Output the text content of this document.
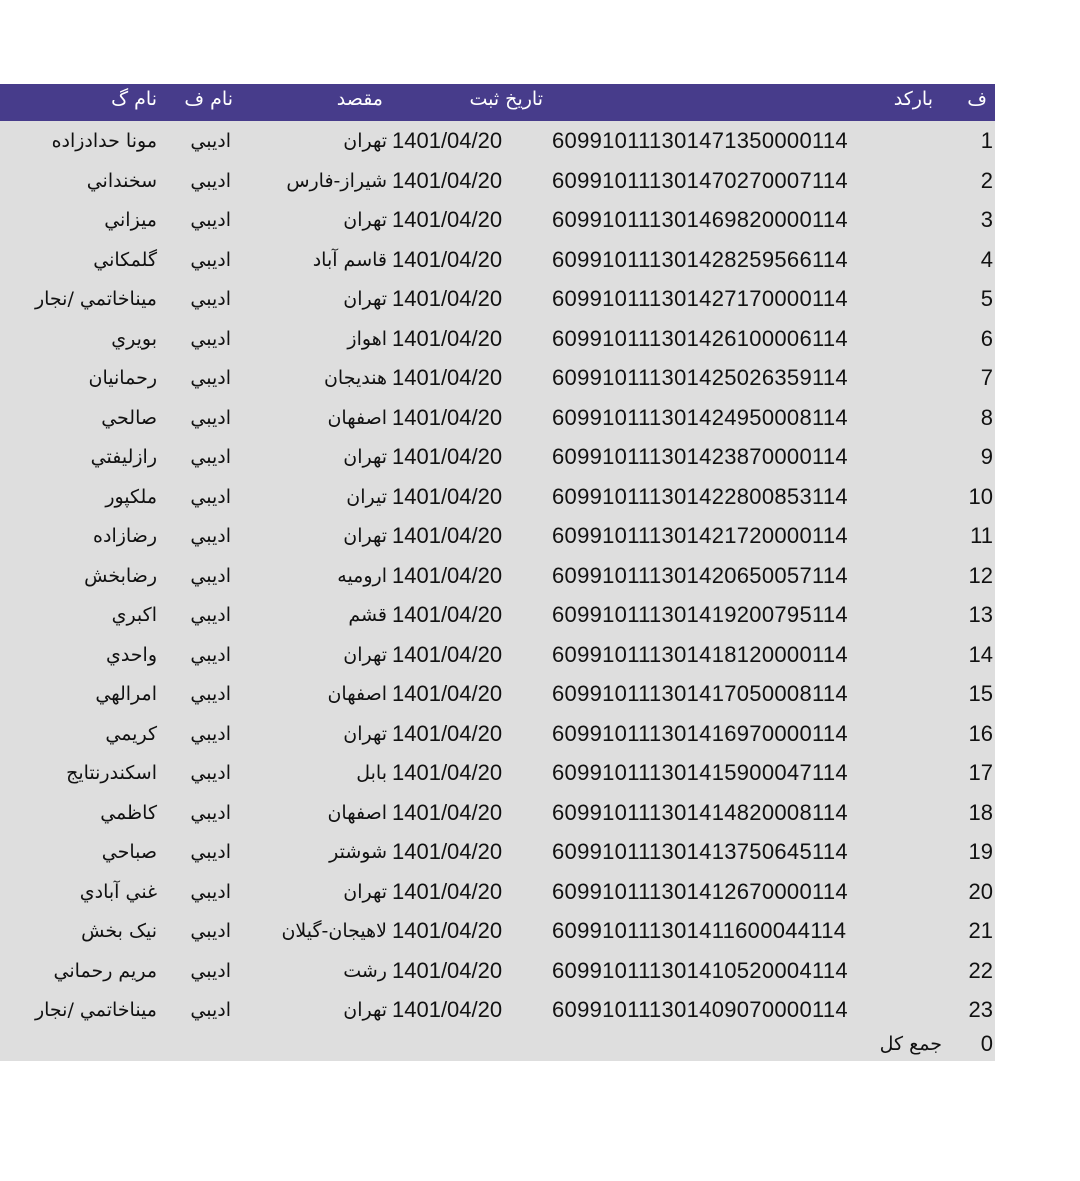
ف
بارکد
تاريخ ثبت
مقصد
نام ف
نام گ
1
609910111301471350000114
1401/04/20
تهران
اديبي
مونا حدادزاده
2
609910111301470270007114
1401/04/20
شيراز-فارس
اديبي
سخنداني
3
609910111301469820000114
1401/04/20
تهران
اديبي
ميزاني
4
609910111301428259566114
1401/04/20
قاسم آباد
اديبي
گلمكاني
5
609910111301427170000114
1401/04/20
تهران
اديبي
ميناخاتمي /نجار
6
609910111301426100006114
1401/04/20
اهواز
اديبي
بويري
7
609910111301425026359114
1401/04/20
هنديجان
اديبي
رحمانيان
8
609910111301424950008114
1401/04/20
اصفهان
اديبي
صالحي
9
609910111301423870000114
1401/04/20
تهران
اديبي
رازليفتي
10
609910111301422800853114
1401/04/20
تيران
اديبي
ملكپور
11
609910111301421720000114
1401/04/20
تهران
اديبي
رضازاده
12
609910111301420650057114
1401/04/20
اروميه
اديبي
رضابخش
13
609910111301419200795114
1401/04/20
قشم
اديبي
اكبري
14
609910111301418120000114
1401/04/20
تهران
اديبي
واحدي
15
609910111301417050008114
1401/04/20
اصفهان
اديبي
امرالهي
16
609910111301416970000114
1401/04/20
تهران
اديبي
كريمي
17
609910111301415900047114
1401/04/20
بابل
اديبي
اسكندرنتايج
18
609910111301414820008114
1401/04/20
اصفهان
اديبي
كاظمي
19
609910111301413750645114
1401/04/20
شوشتر
اديبي
صباحي
20
609910111301412670000114
1401/04/20
تهران
اديبي
غني آبادي
21
609910111301411600044114
1401/04/20
لاهيجان-گيلان
اديبي
نيک بخش
22
609910111301410520004114
1401/04/20
رشت
اديبي
مريم رحماني
23
609910111301409070000114
1401/04/20
تهران
اديبي
ميناخاتمي /نجار
0
جمع كل
